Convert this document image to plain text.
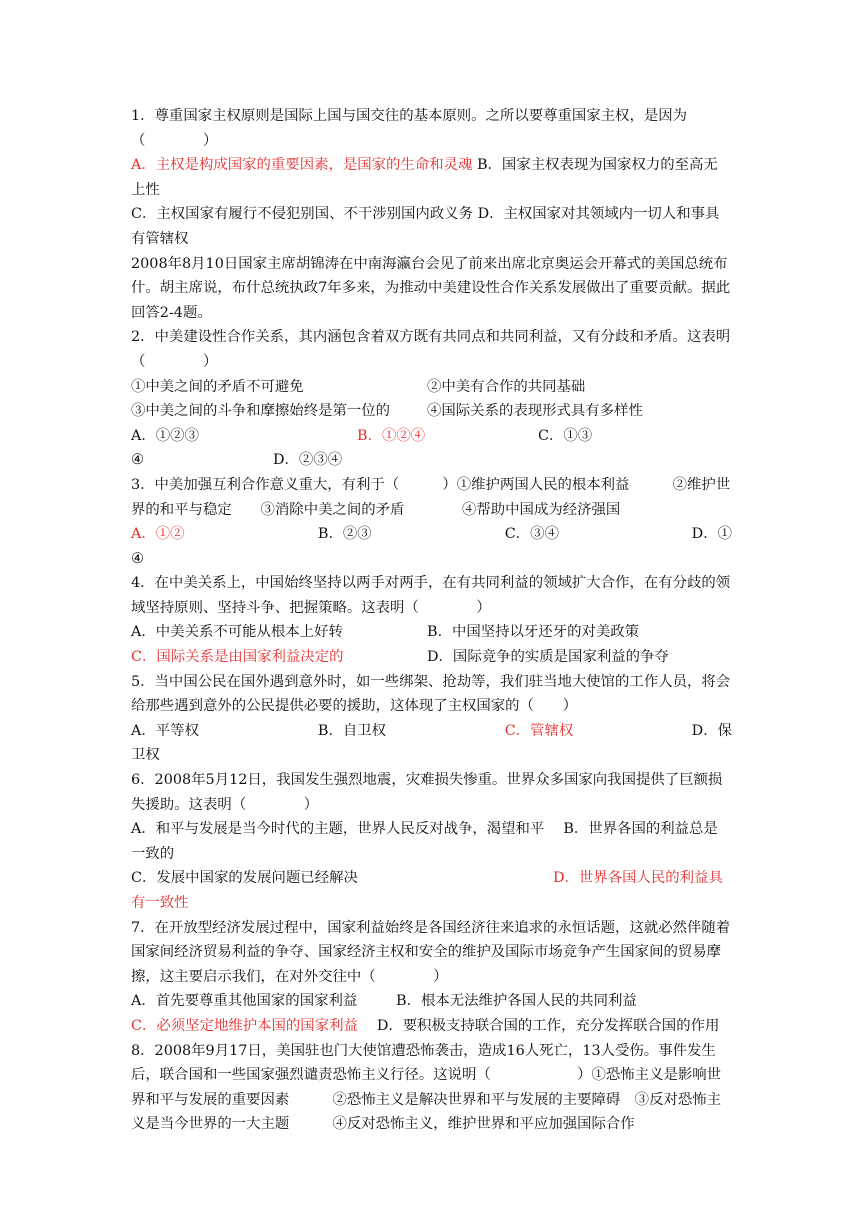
1．尊重国家主权原则是国际上国与国交往的基本原则。之所以要尊重国家主权，是因为（　　　　）

A．主权是构成国家的重要因素，是国家的生命和灵魂 B．国家主权表现为国家权力的至高无上性

C．主权国家有履行不侵犯别国、不干涉别国内政义务 D．主权国家对其领域内一切人和事具有管辖权

2008年8月10日国家主席胡锦涛在中南海瀛台会见了前来出席北京奥运会开幕式的美国总统布什。胡主席说，布什总统执政7年多来，为推动中美建设性合作关系发展做出了重要贡献。据此回答2-4题。

2．中美建设性合作关系，其内涵包含着双方既有共同点和共同利益，又有分歧和矛盾。这表明（　　　　）

①中美之间的矛盾不可避免	②中美有合作的共同基础
③中美之间的斗争和摩擦始终是第一位的	④国际关系的表现形式具有多样性
A．①②③	B．①②④	C．①③
④	D．②③④

3．中美加强互利合作意义重大，有利于（　　　）①维护两国人民的根本利益　　　②维护世界的和平与稳定　　③消除中美之间的矛盾　　　　④帮助中国成为经济强国

A．①②	B．②③	C．③④	D．①

④

4．在中美关系上，中国始终坚持以两手对两手，在有共同利益的领域扩大合作，在有分歧的领域坚持原则、坚持斗争、把握策略。这表明（　　　　）

A．中美关系不可能从根本上好转	B．中国坚持以牙还牙的对美政策
C．国际关系是由国家利益决定的	D．国际竞争的实质是国家利益的争夺

5．当中国公民在国外遇到意外时，如一些绑架、抢劫等，我们驻当地大使馆的工作人员，将会给那些遇到意外的公民提供必要的援助，这体现了主权国家的（　　）

A．平等权	B．自卫权	C．管辖权	D．保

卫权

6．2008年5月12日，我国发生强烈地震，灾难损失惨重。世界众多国家向我国提供了巨额损失援助。这表明（　　　　）

A．和平与发展是当今时代的主题，世界人民反对战争，渴望和平　 B．世界各国的利益总是一致的

C．发展中国家的发展问题已经解决	D．世界各国人民的利益具

有一致性

7．在开放型经济发展过程中，国家利益始终是各国经济往来追求的永恒话题，这就必然伴随着国家间经济贸易利益的争夺、国家经济主权和安全的维护及国际市场竞争产生国家间的贸易摩擦，这主要启示我们，在对外交往中（　　　　）

A．首先要尊重其他国家的国家利益	B．根本无法维护各国人民的共同利益

C．必须坚定地维护本国的国家利益　 D．要积极支持联合国的工作，充分发挥联合国的作用

8．2008年9月17日，美国驻也门大使馆遭恐怖袭击，造成16人死亡，13人受伤。事件发生后，联合国和一些国家强烈谴责恐怖主义行径。这说明（　　　　　　）①恐怖主义是影响世界和平与发展的重要因素　　　②恐怖主义是解决世界和平与发展的主要障碍　③反对恐怖主义是当今世界的一大主题　　　④反对恐怖主义，维护世界和平应加强国际合作
